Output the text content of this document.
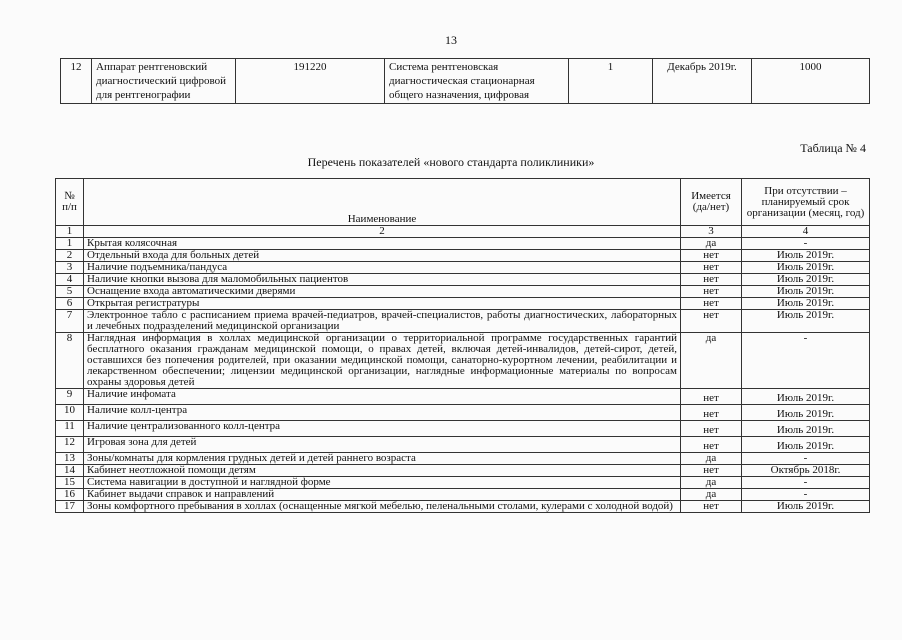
13
12	Аппарат рентгеновский диагностический цифровой для рентгенографии	191220	Система рентгеновская диагностическая стационарная общего назначения, цифровая	1	Декабрь 2019г.	1000
Таблица № 4
Перечень показателей «нового стандарта поликлиники»
№ п/п	Наименование	Имеется (да/нет)	При отсутствии – планируемый срок организации (месяц, год)
1	2	3	4
1	Крытая колясочная	да	-
2	Отдельный входа для больных детей	нет	Июль 2019г.
3	Наличие подъемника/пандуса	нет	Июль 2019г.
4	Наличие кнопки вызова для маломобильных пациентов	нет	Июль 2019г.
5	Оснащение входа автоматическими дверями	нет	Июль 2019г.
6	Открытая регистратуры	нет	Июль 2019г.
7	Электронное табло с расписанием приема врачей-педиатров, врачей-специалистов, работы диагностических, лабораторных и лечебных подразделений медицинской организации	нет	Июль 2019г.
8	Наглядная информация в холлах медицинской организации о территориальной программе государственных гарантий бесплатного оказания гражданам медицинской помощи, о правах детей, включая детей-инвалидов, детей-сирот, детей, оставшихся без попечения родителей, при оказании медицинской помощи, санаторно-курортном лечении, реабилитации и лекарственном обеспечении; лицензии медицинской организации, наглядные информационные материалы по вопросам охраны здоровья детей	да	-
9	Наличие инфомата	нет	Июль 2019г.
10	Наличие колл-центра	нет	Июль 2019г.
11	Наличие централизованного колл-центра	нет	Июль 2019г.
12	Игровая зона для детей	нет	Июль 2019г.
13	Зоны/комнаты для кормления грудных детей и детей раннего возраста	да	-
14	Кабинет неотложной помощи детям	нет	Октябрь 2018г.
15	Система навигации в доступной и наглядной форме	да	-
16	Кабинет выдачи справок и направлений	да	-
17	Зоны комфортного пребывания в холлах (оснащенные мягкой мебелью, пеленальными столами, кулерами с холодной водой)	нет	Июль 2019г.
